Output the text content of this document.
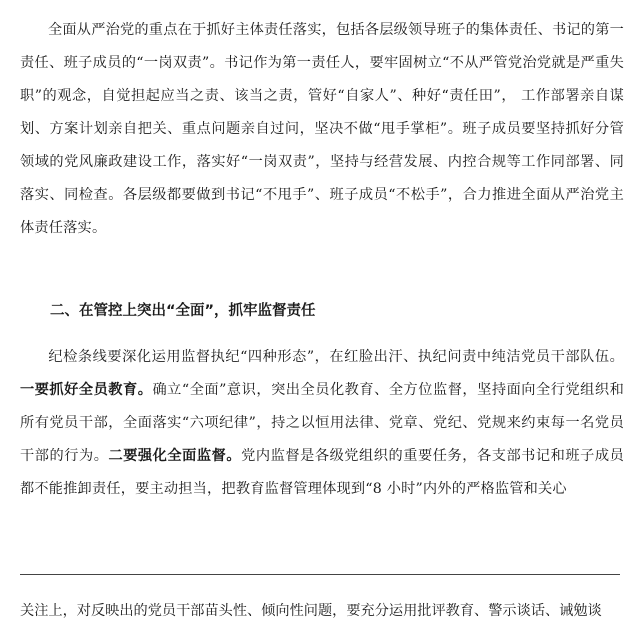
全面从严治党的重点在于抓好主体责任落实，包括各层级领导班子的集体责任、书记的第一责任、班子成员的“一岗双责”。书记作为第一责任人，要牢固树立“不从严管党治党就是严重失职”的观念，自觉担起应当之责、该当之责，管好“自家人”、种好“责任田”， 工作部署亲自谋划、方案计划亲自把关、重点问题亲自过问，坚决不做“甩手掌柜”。班子成员要坚持抓好分管领域的党风廉政建设工作，落实好“一岗双责”，坚持与经营发展、内控合规等工作同部署、同落实、同检查。各层级都要做到书记“不甩手”、班子成员“不松手”，合力推进全面从严治党主体责任落实。

二、在管控上突出“全面”，抓牢监督责任

纪检条线要深化运用监督执纪“四种形态”，在红脸出汗、执纪问责中纯洁党员干部队伍。一要抓好全员教育。确立“全面”意识，突出全员化教育、全方位监督，坚持面向全行党组织和所有党员干部，全面落实“六项纪律”，持之以恒用法律、党章、党纪、党规来约束每一名党员干部的行为。二要强化全面监督。党内监督是各级党组织的重要任务，各支部书记和班子成员都不能推卸责任，要主动担当，把教育监督管理体现到“8 小时”内外的严格监管和关心

关注上，对反映出的党员干部苗头性、倾向性问题，要充分运用批评教育、警示谈话、诫勉谈
